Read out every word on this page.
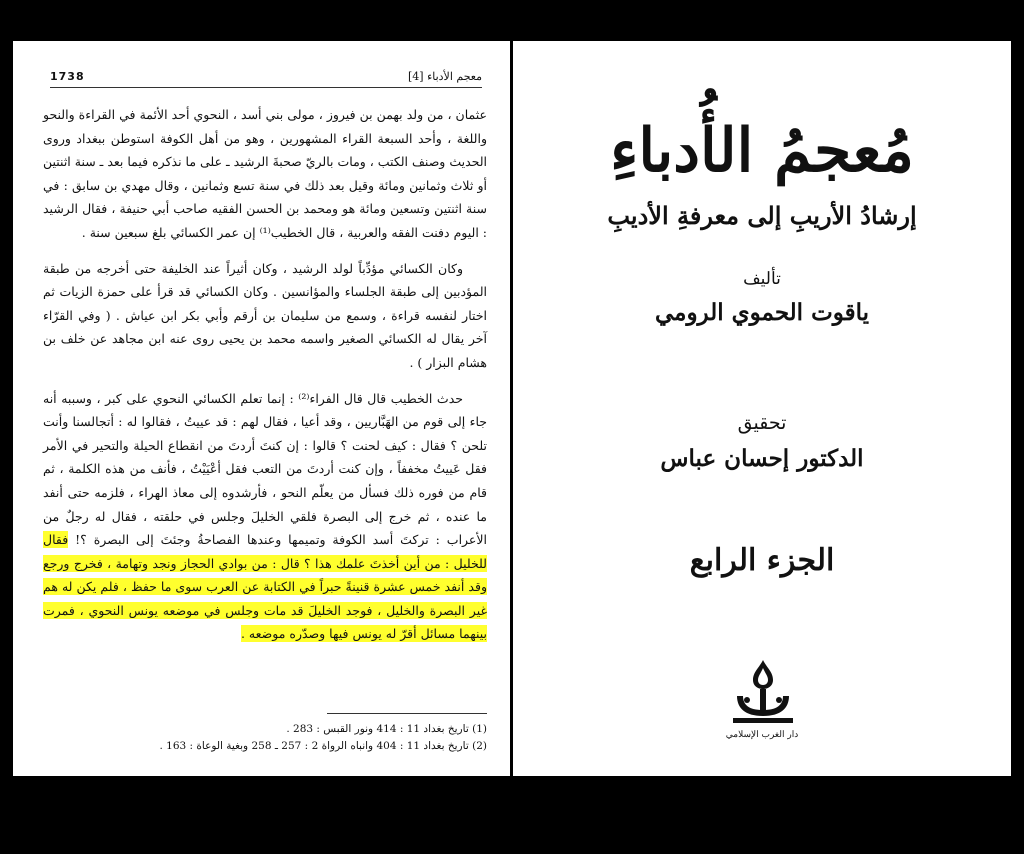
1738	معجم الأدباء [4]

عثمان ، من ولد بهمن بن فيروز ، مولى بني أسد ، النحوي أحد الأئمة في القراءة والنحو واللغة ، وأحد السبعة القراء المشهورين ، وهو من أهل الكوفة استوطن ببغداد وروى الحديث وصنف الكتب ، ومات بالريّ صحبةَ الرشيد ـ على ما نذكره فيما بعد ـ سنة اثنتين أو ثلاث وثمانين ومائة وقيل بعد ذلك في سنة تسع وثمانين ، وقال مهدي بن سابق : في سنة اثنتين وتسعين ومائة هو ومحمد بن الحسن الفقيه صاحب أبي حنيفة ، فقال الرشيد : اليوم دفنت الفقه والعربية ، قال الخطيب⁽¹⁾ إن عمر الكسائي بلغ سبعين سنة .

وكان الكسائي مؤدِّباً لولد الرشيد ، وكان أثيراً عند الخليفة حتى أخرجه من طبقة المؤدبين إلى طبقة الجلساء والمؤانسين . وكان الكسائي قد قرأ على حمزة الزيات ثم اختار لنفسه قراءة ، وسمع من سليمان بن أرقم وأبي بكر ابن عياش . ( وفي القرّاء آخر يقال له الكسائي الصغير واسمه محمد بن يحيى روى عنه ابن مجاهد عن خلف بن هشام البزار ) .

حدث الخطيب قال قال الفراء⁽²⁾ : إنما تعلم الكسائي النحوي على كبر ، وسببه أنه جاء إلى قوم من الهَبَّاريين ، وقد أعيا ، فقال لهم : قد عييتُ ، فقالوا له : أتجالسنا وأنت تلحن ؟ فقال : كيف لحنت ؟ قالوا : إن كنتَ أردتَ من انقطاع الحيلة والتحير في الأمر فقل عَييتُ مخففاً ، وإن كنت أردتَ من التعب فقل أعْيَيْتُ ، فأنف من هذه الكلمة ، ثم قام من فوره ذلك فسأل من يعلّم النحو ، فأرشدوه إلى معاذ الهراء ، فلزمه حتى أنفد ما عنده ، ثم خرج إلى البصرة فلقي الخليلَ وجلس في حلقته ، فقال له رجلٌ من الأعراب : تركتَ أسد الكوفة وتميمها وعندها الفصاحةُ وجئتَ إلى البصرة ؟! فقال للخليل : من أين أخذتَ علمك هذا ؟ قال : من بوادي الحجاز ونجد وتهامة ، فخرج ورجع وقد أنفد خمس عشرة قنينةً حبراً في الكتابة عن العرب سوى ما حفظ ، فلم يكن له هم غير البصرة والخليل ، فوجد الخليلَ قد مات وجلس في موضعه يونس النحوي ، فمرت بينهما مسائل أقرّ له يونس فيها وصدّره موضعه .

(1) تاريخ بغداد 11 : 414 ونور القبس : 283 .
(2) تاريخ بغداد 11 : 404 وانباه الرواة 2 : 257 ـ 258 وبغية الوعاة : 163 .
مُعجمُ الأُدباءِ
إرشادُ الأريبِ إلى معرفةِ الأديبِ
تأليف
ياقوت الحموي الرومي
تحقيق
الدكتور إحسان عباس
الجزء الرابع
دار الغرب الإسلامي
